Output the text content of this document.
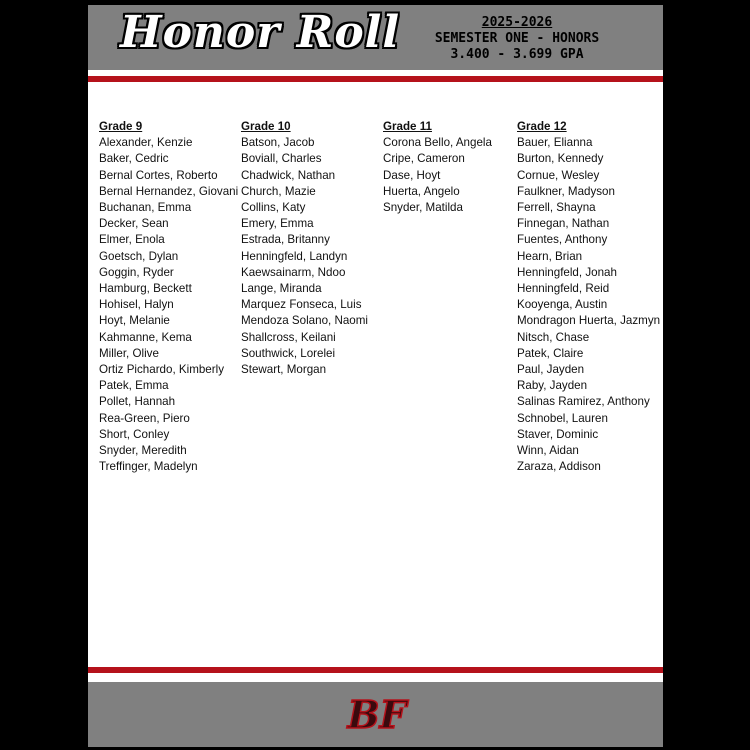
Honor Roll	2025-2026
SEMESTER ONE - HONORS
3.400 - 3.699 GPA
Grade 9
Alexander, Kenzie
Baker, Cedric
Bernal Cortes, Roberto
Bernal Hernandez, Giovani
Buchanan, Emma
Decker, Sean
Elmer, Enola
Goetsch, Dylan
Goggin, Ryder
Hamburg, Beckett
Hohisel, Halyn
Hoyt, Melanie
Kahmanne, Kema
Miller, Olive
Ortiz Pichardo, Kimberly
Patek, Emma
Pollet, Hannah
Rea-Green, Piero
Short, Conley
Snyder, Meredith
Treffinger, Madelyn
Grade 10
Batson, Jacob
Boviall, Charles
Chadwick, Nathan
Church, Mazie
Collins, Katy
Emery, Emma
Estrada, Britanny
Henningfeld, Landyn
Kaewsainarm, Ndoo
Lange, Miranda
Marquez Fonseca, Luis
Mendoza Solano, Naomi
Shallcross, Keilani
Southwick, Lorelei
Stewart, Morgan
Grade 11
Corona Bello, Angela
Cripe, Cameron
Dase, Hoyt
Huerta, Angelo
Snyder, Matilda
Grade 12
Bauer, Elianna
Burton, Kennedy
Cornue, Wesley
Faulkner, Madyson
Ferrell, Shayna
Finnegan, Nathan
Fuentes, Anthony
Hearn, Brian
Henningfeld, Jonah
Henningfeld, Reid
Kooyenga, Austin
Mondragon Huerta, Jazmyn
Nitsch, Chase
Patek, Claire
Paul, Jayden
Raby, Jayden
Salinas Ramirez, Anthony
Schnobel, Lauren
Staver, Dominic
Winn, Aidan
Zaraza, Addison
BF
